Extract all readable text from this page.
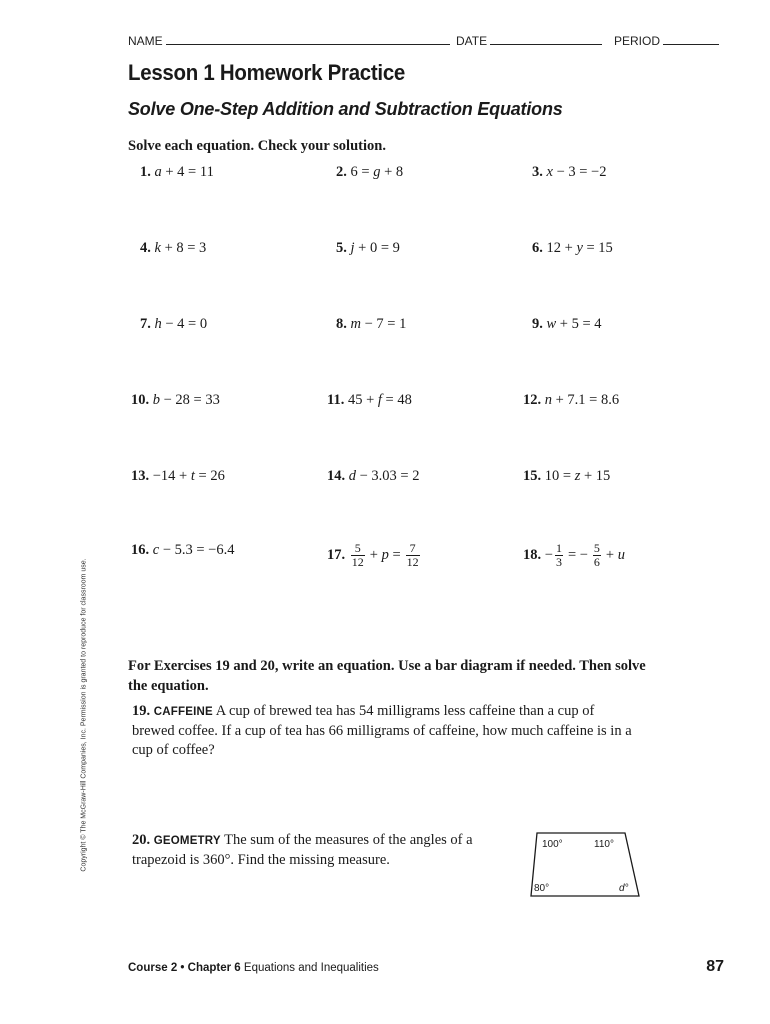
NAME	DATE	PERIOD
Lesson 1 Homework Practice
Solve One-Step Addition and Subtraction Equations
Solve each equation. Check your solution.
1. a + 4 = 11	2. 6 = g + 8	3. x − 3 = −2
4. k + 8 = 3	5. j + 0 = 9	6. 12 + y = 15
7. h − 4 = 0	8. m − 7 = 1	9. w + 5 = 4
10. b − 28 = 33	11. 45 + f = 48	12. n + 7.1 = 8.6
13. −14 + t = 26	14. d − 3.03 = 2	15. 10 = z + 15
16. c − 5.3 = −6.4	17. $\frac{5}{12} + p = \frac{7}{12}$	18. − $\frac{1}{3}$ = − $\frac{5}{6} + u$
For Exercises 19 and 20, write an equation. Use a bar diagram if needed. Then solve the equation.
19. CAFFEINE A cup of brewed tea has 54 milligrams less caffeine than a cup of brewed coffee. If a cup of tea has 66 milligrams of caffeine, how much caffeine is in a cup of coffee?
20. GEOMETRY The sum of the measures of the angles of a trapezoid is 360°. Find the missing measure.
100°	110°
80°	d°
Copyright © The McGraw-Hill Companies, Inc. Permission is granted to reproduce for classroom use.
Course 2 • Chapter 6 Equations and Inequalities	87
